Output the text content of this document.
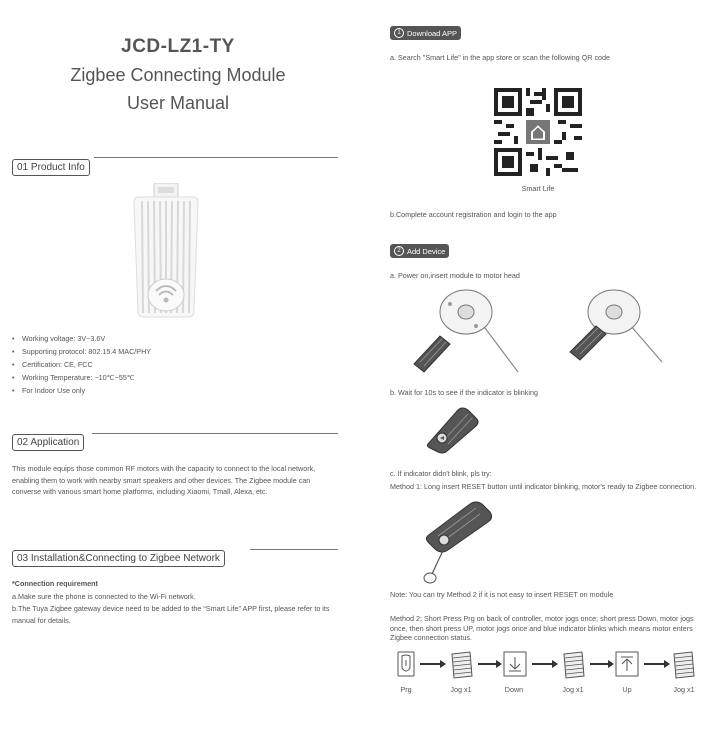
JCD-LZ1-TY
Zigbee Connecting Module
User Manual
01 Product Info
• Working voltage: 3V~3.6V
• Supporting protocol: 802.15.4 MAC/PHY
• Certification: CE, FCC
• Working Temperature: −10℃~55℃
• For Indoor Use only
02 Application
This module equips those common RF motors with the capacity to connect to the local network, enabling them to work with nearby smart speakers and other devices. The Zigbee module can converse with various smart home platforms, including Xiaomi, Tmall, Alexa, etc.
03 Installation&Connecting to Zigbee Network
*Connection requirement
a.Make sure the phone is connected to the Wi-Fi network.
b.The Tuya Zigbee gateway device need to be added to the “Smart Life” APP first, please refer to its manual for details.
1 Download APP
a. Search "Smart Life" in the app store or scan the following QR code
Smart Life
b.Complete account registration and login to the app
2 Add Device
a. Power on,insert module to motor head
b. Wait for 10s to see if the indicator is blinking
c. If indicator didn't blink, pls try:
Method 1: Long insert RESET button until indicator blinking, motor's ready to Zigbee connection.
Note: You can try Method 2 if it is not easy to insert RESET on module
Method 2: Short Press Prg on back of controller, motor jogs once; short press Down, motor jogs once, then short press UP, motor jogs once and blue indicator blinks which means motor enters Zigbee connection status.
Prg	Jog x1	Down	Jog x1	Up	Jog x1
